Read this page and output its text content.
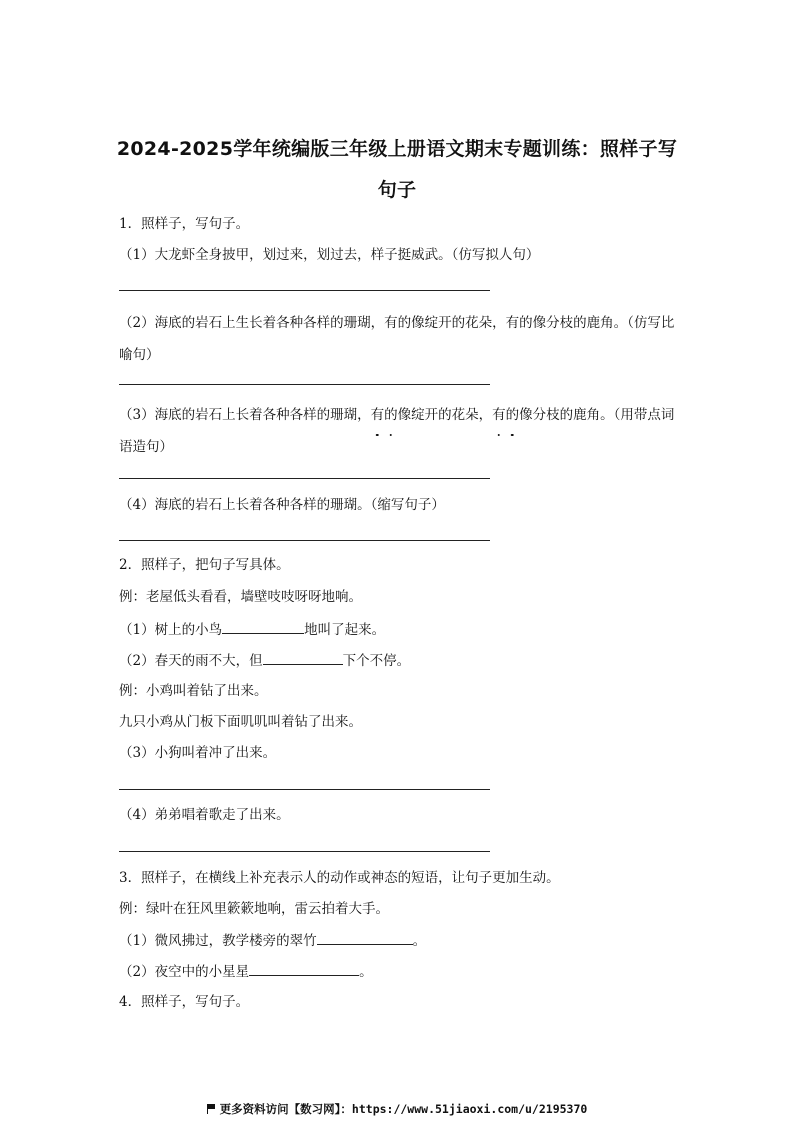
2024-2025学年统编版三年级上册语文期末专题训练：照样子写
句子
1．照样子，写句子。
（1）大龙虾全身披甲，划过来，划过去，样子挺威武。（仿写拟人句）
（2）海底的岩石上生长着各种各样的珊瑚，有的像绽开的花朵，有的像分枝的鹿角。（仿写比喻句）
（3）海底的岩石上长着各种各样的珊瑚，有的像绽开的花朵，有的像分枝的鹿角。（用带点词语造句）
（4）海底的岩石上长着各种各样的珊瑚。（缩写句子）
2．照样子，把句子写具体。
例：老屋低头看看，墙壁吱吱呀呀地响。
（1）树上的小鸟	地叫了起来。
（2）春天的雨不大，但	下个不停。
例：小鸡叫着钻了出来。
九只小鸡从门板下面叽叽叫着钻了出来。
（3）小狗叫着冲了出来。
（4）弟弟唱着歌走了出来。
3．照样子，在横线上补充表示人的动作或神态的短语，让句子更加生动。
例：绿叶在狂风里簌簌地响，雷云拍着大手。
（1）微风拂过，教学楼旁的翠竹	。
（2）夜空中的小星星	。
4．照样子，写句子。
更多资料访问【数习网】：https://www.51jiaoxi.com/u/2195370
